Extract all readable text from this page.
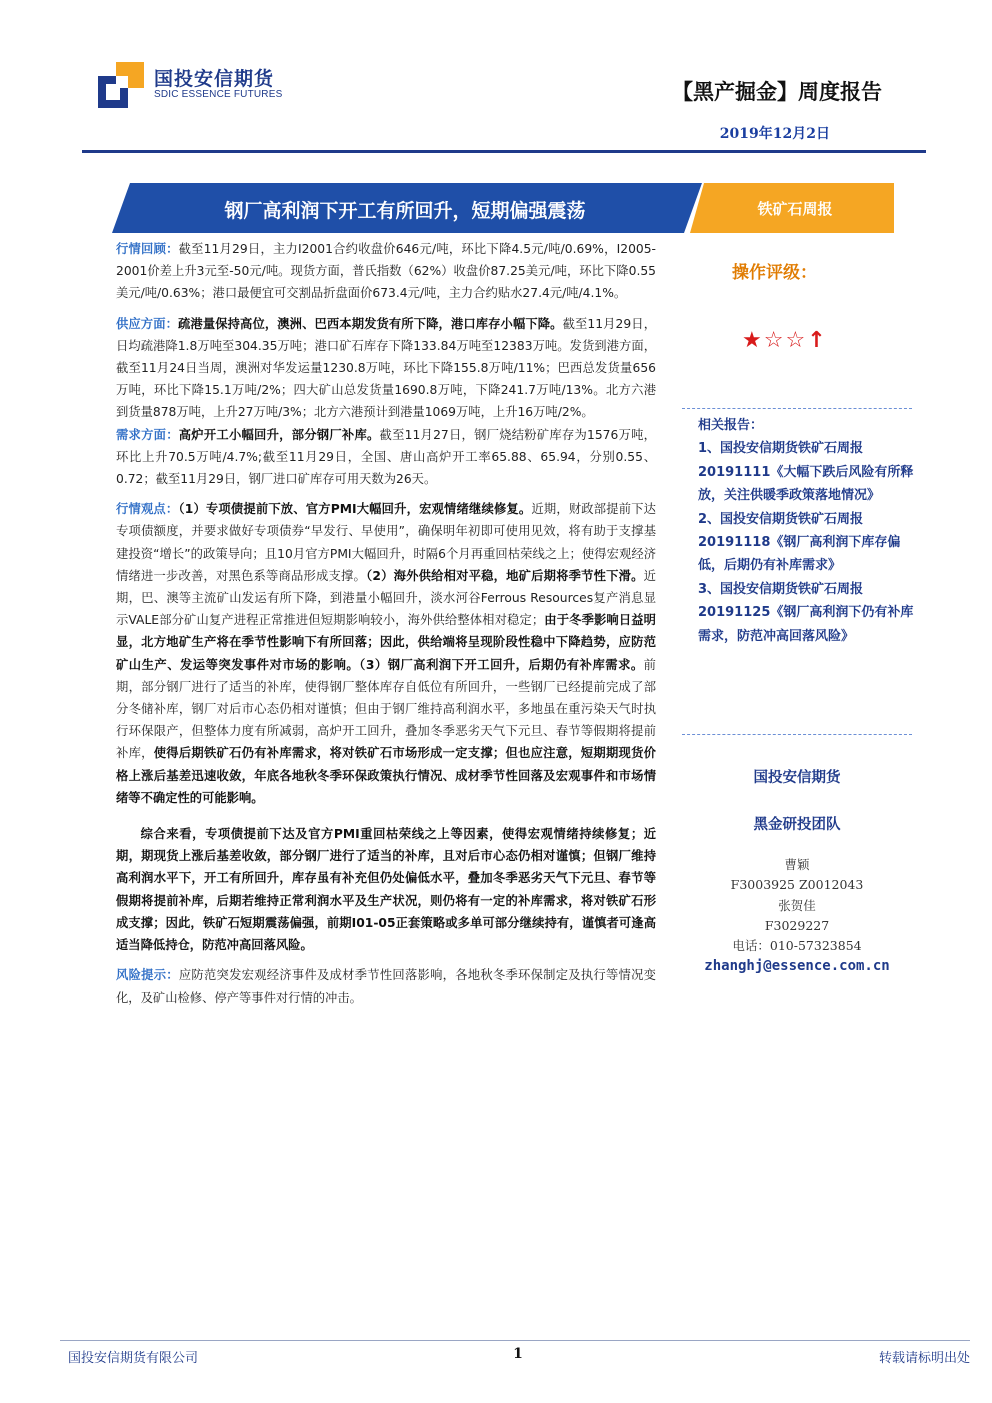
国投安信期货
SDIC ESSENCE FUTURES	【黑产掘金】周度报告
2019年12月2日
钢厂高利润下开工有所回升，短期偏强震荡	铁矿石周报

行情回顾：截至11月29日，主力I2001合约收盘价646元/吨，环比下降4.5元/吨/0.69%，I2005-2001价差上升3元至-50元/吨。现货方面，普氏指数（62%）收盘价87.25美元/吨，环比下降0.55美元/吨/0.63%；港口最便宜可交割品折盘面价673.4元/吨，主力合约贴水27.4元/吨/4.1%。

供应方面：疏港量保持高位，澳洲、巴西本期发货有所下降，港口库存小幅下降。截至11月29日，日均疏港降1.8万吨至304.35万吨；港口矿石库存下降133.84万吨至12383万吨。发货到港方面，截至11月24日当周，澳洲对华发运量1230.8万吨，环比下降155.8万吨/11%；巴西总发货量656万吨，环比下降15.1万吨/2%；四大矿山总发货量1690.8万吨，下降241.7万吨/13%。北方六港到货量878万吨，上升27万吨/3%；北方六港预计到港量1069万吨，上升16万吨/2%。

需求方面：高炉开工小幅回升，部分钢厂补库。截至11月27日，钢厂烧结粉矿库存为1576万吨，环比上升70.5万吨/4.7%;截至11月29日，全国、唐山高炉开工率65.88、65.94，分别0.55、0.72；截至11月29日，钢厂进口矿库存可用天数为26天。

行情观点：（1）专项债提前下放、官方PMI大幅回升，宏观情绪继续修复。近期，财政部提前下达专项债额度，并要求做好专项债券“早发行、早使用”，确保明年初即可使用见效，将有助于支撑基建投资“增长”的政策导向；且10月官方PMI大幅回升，时隔6个月再重回枯荣线之上；使得宏观经济情绪进一步改善，对黑色系等商品形成支撑。（2）海外供给相对平稳，地矿后期将季节性下滑。近期，巴、澳等主流矿山发运有所下降，到港量小幅回升，淡水河谷Ferrous Resources复产消息显示VALE部分矿山复产进程正常推进但短期影响较小，海外供给整体相对稳定；由于冬季影响日益明显，北方地矿生产将在季节性影响下有所回落；因此，供给端将呈现阶段性稳中下降趋势，应防范矿山生产、发运等突发事件对市场的影响。（3）钢厂高利润下开工回升，后期仍有补库需求。前期，部分钢厂进行了适当的补库，使得钢厂整体库存自低位有所回升，一些钢厂已经提前完成了部分冬储补库，钢厂对后市心态仍相对谨慎；但由于钢厂维持高利润水平，多地虽在重污染天气时执行环保限产，但整体力度有所减弱，高炉开工回升，叠加冬季恶劣天气下元旦、春节等假期将提前补库，使得后期铁矿石仍有补库需求，将对铁矿石市场形成一定支撑；但也应注意，短期期现货价格上涨后基差迅速收敛，年底各地秋冬季环保政策执行情况、成材季节性回落及宏观事件和市场情绪等不确定性的可能影响。

综合来看，专项债提前下达及官方PMI重回枯荣线之上等因素，使得宏观情绪持续修复；近期，期现货上涨后基差收敛，部分钢厂进行了适当的补库，且对后市心态仍相对谨慎；但钢厂维持高利润水平下，开工有所回升，库存虽有补充但仍处偏低水平，叠加冬季恶劣天气下元旦、春节等假期将提前补库，后期若维持正常利润水平及生产状况，则仍将有一定的补库需求，将对铁矿石形成支撑；因此，铁矿石短期震荡偏强，前期I01-05正套策略或多单可部分继续持有，谨慎者可逢高适当降低持仓，防范冲高回落风险。

风险提示：应防范突发宏观经济事件及成材季节性回落影响，各地秋冬季环保制定及执行等情况变化，及矿山检修、停产等事件对行情的冲击。

操作评级：
★☆☆↑

相关报告：

1、国投安信期货铁矿石周报20191111《大幅下跌后风险有所释放，关注供暖季政策落地情况》

2、国投安信期货铁矿石周报20191118《钢厂高利润下库存偏低，后期仍有补库需求》

3、国投安信期货铁矿石周报20191125《钢厂高利润下仍有补库需求，防范冲高回落风险》

国投安信期货
黑金研投团队
曹颖
F3003925 Z0012043
张贺佳
F3029227
电话：010-57323854
zhanghj@essence.com.cn
国投安信期货有限公司	1	转载请标明出处
